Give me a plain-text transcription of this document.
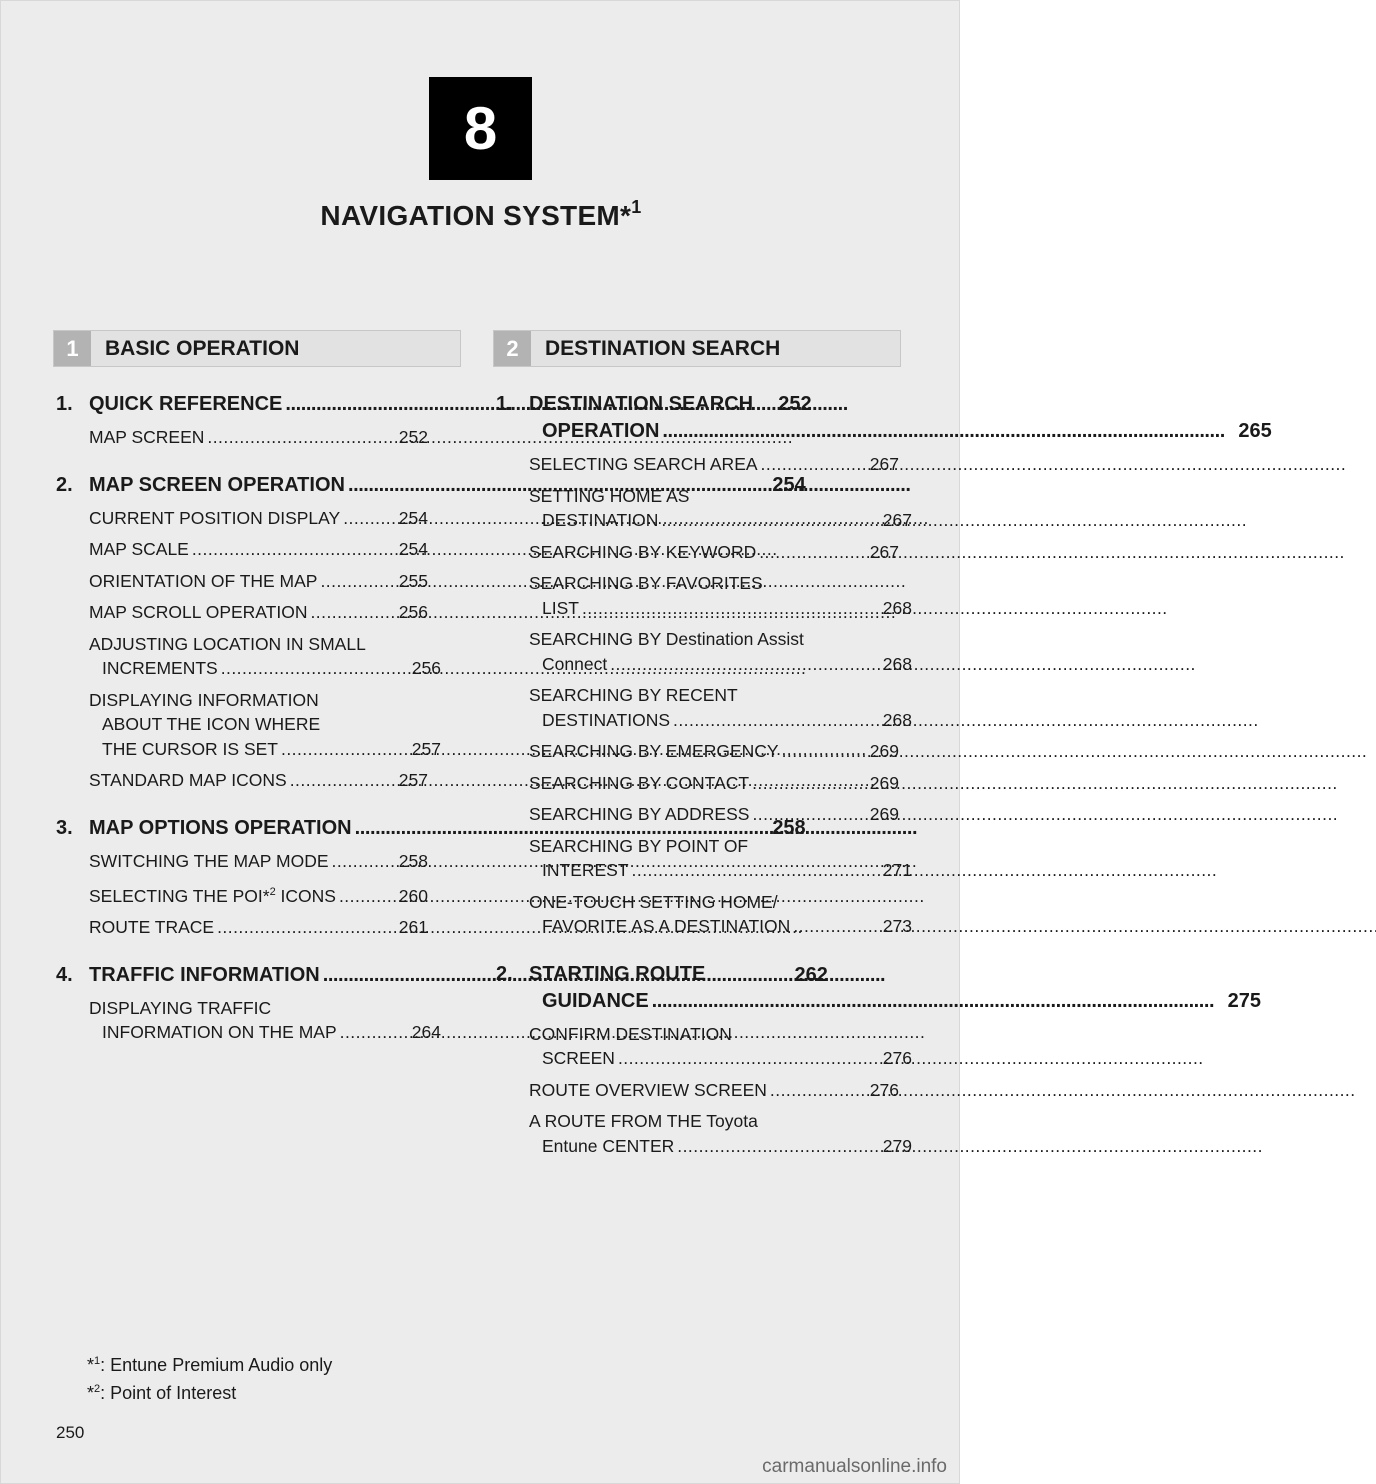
8
NAVIGATION SYSTEM*$^1$
1	BASIC OPERATION	2	DESTINATION SEARCH
1. QUICK REFERENCE . . .	252
MAP SCREEN . . .	252
2. MAP SCREEN OPERATION . . .	254
CURRENT POSITION DISPLAY . . .	254
MAP SCALE . . .	254
ORIENTATION OF THE MAP . . .	255
MAP SCROLL OPERATION . . .	256
ADJUSTING LOCATION IN SMALL
INCREMENTS . . .	256
DISPLAYING INFORMATION
ABOUT THE ICON WHERE
THE CURSOR IS SET . . .	257
STANDARD MAP ICONS . . .	257
3. MAP OPTIONS OPERATION . . .	258
SWITCHING THE MAP MODE . . .	258
SELECTING THE POI*$^2$ ICONS . . .	260
ROUTE TRACE . . .	261
4. TRAFFIC INFORMATION . . .	262
DISPLAYING TRAFFIC
INFORMATION ON THE MAP . . .	264
1. DESTINATION SEARCH
OPERATION . . .	265
SELECTING SEARCH AREA . . .	267
SETTING HOME AS
DESTINATION . . .	267
SEARCHING BY KEYWORD . . .	267
SEARCHING BY FAVORITES
LIST . . .	268
SEARCHING BY Destination Assist
Connect . . .	268
SEARCHING BY RECENT
DESTINATIONS . . .	268
SEARCHING BY EMERGENCY . . .	269
SEARCHING BY CONTACT . . .	269
SEARCHING BY ADDRESS . . .	269
SEARCHING BY POINT OF
INTEREST . . .	271
ONE-TOUCH SETTING HOME/
FAVORITE AS A DESTINATION . . .	273
2. STARTING ROUTE
GUIDANCE . . .	275
CONFIRM DESTINATION
SCREEN . . .	276
ROUTE OVERVIEW SCREEN . . .	276
A ROUTE FROM THE Toyota
Entune CENTER . . .	279
*$^1$: Entune Premium Audio only
*$^2$: Point of Interest
250
carmanualsonline.info
